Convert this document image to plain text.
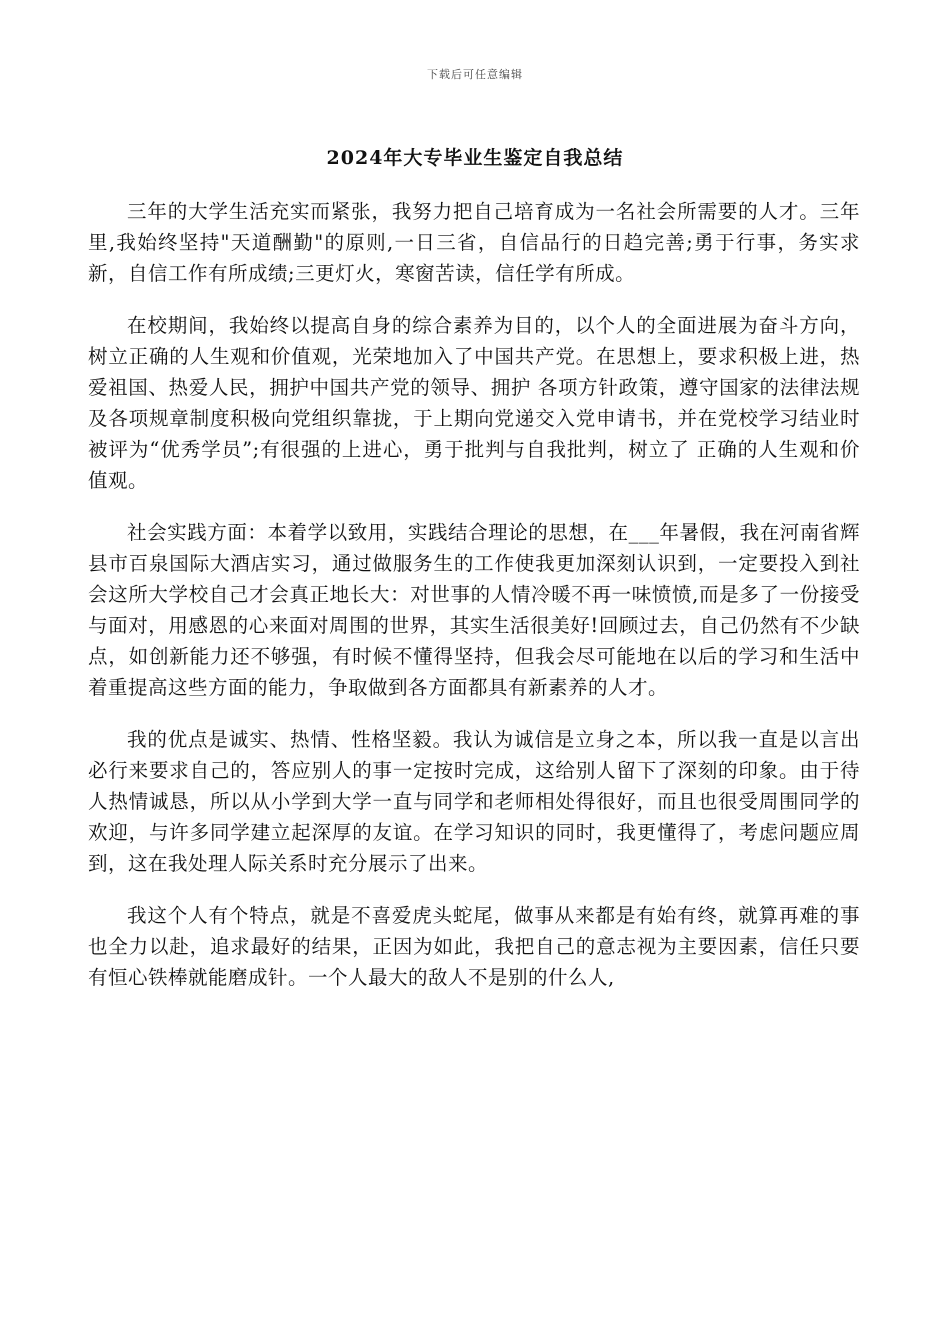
下载后可任意编辑
2024年大专毕业生鉴定自我总结

三年的大学生活充实而紧张，我努力把自己培育成为一名社会所需要的人才。三年里,我始终坚持"天道酬勤"的原则,一日三省，自信品行的日趋完善;勇于行事，务实求新，自信工作有所成绩;三更灯火，寒窗苦读，信任学有所成。

在校期间，我始终以提高自身的综合素养为目的，以个人的全面进展为奋斗方向，树立正确的人生观和价值观，光荣地加入了中国共产党。在思想上，要求积极上进，热爱祖国、热爱人民，拥护中国共产党的领导、拥护 各项方针政策，遵守国家的法律法规及各项规章制度积极向党组织靠拢，于上期向党递交入党申请书，并在党校学习结业时被评为“优秀学员”;有很强的上进心，勇于批判与自我批判，树立了 正确的人生观和价值观。

社会实践方面：本着学以致用，实践结合理论的思想，在___年暑假，我在河南省辉县市百泉国际大酒店实习，通过做服务生的工作使我更加深刻认识到，一定要投入到社会这所大学校自己才会真正地长大：对世事的人情冷暖不再一味愤愤,而是多了一份接受与面对，用感恩的心来面对周围的世界，其实生活很美好!回顾过去，自己仍然有不少缺点，如创新能力还不够强，有时候不懂得坚持，但我会尽可能地在以后的学习和生活中着重提高这些方面的能力，争取做到各方面都具有新素养的人才。

我的优点是诚实、热情、性格坚毅。我认为诚信是立身之本，所以我一直是以言出必行来要求自己的，答应别人的事一定按时完成，这给别人留下了深刻的印象。由于待人热情诚恳，所以从小学到大学一直与同学和老师相处得很好，而且也很受周围同学的欢迎，与许多同学建立起深厚的友谊。在学习知识的同时，我更懂得了，考虑问题应周到，这在我处理人际关系时充分展示了出来。

我这个人有个特点，就是不喜爱虎头蛇尾，做事从来都是有始有终，就算再难的事也全力以赴，追求最好的结果，正因为如此，我把自己的意志视为主要因素，信任只要有恒心铁棒就能磨成针。一个人最大的敌人不是别的什么人,
